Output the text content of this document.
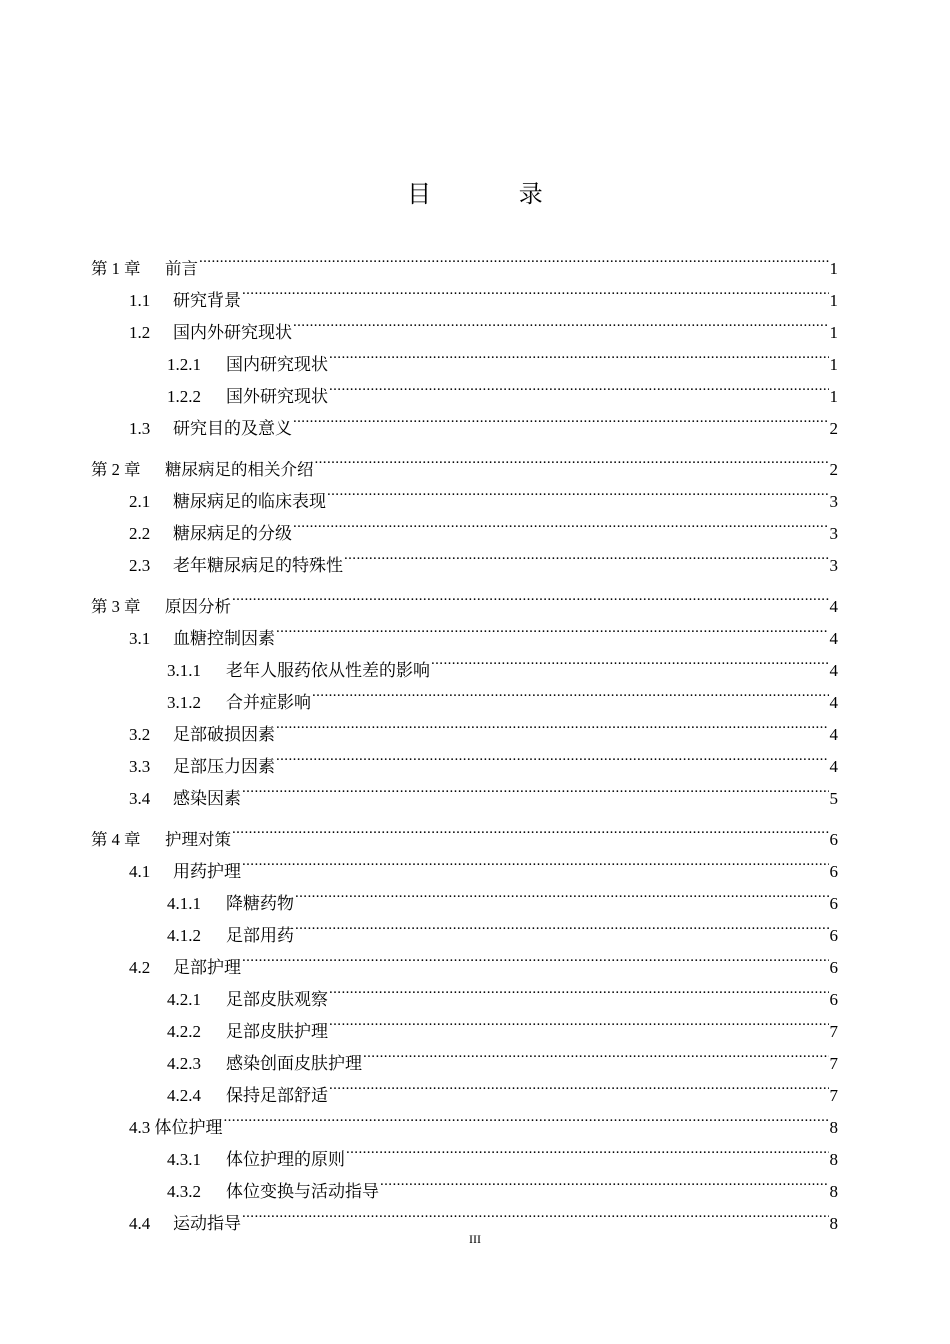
目 录
第 1 章	前言 .....	1
1.1	研究背景 .....	1
1.2	国内外研究现状 .....	1
1.2.1	国内研究现状 .....	1
1.2.2	国外研究现状 .....	1
1.3	研究目的及意义 .....	2
第 2 章	糖尿病足的相关介绍 .....	2
2.1	糖尿病足的临床表现 .....	3
2.2	糖尿病足的分级 .....	3
2.3	老年糖尿病足的特殊性 .....	3
第 3 章	原因分析 .....	4
3.1	血糖控制因素 .....	4
3.1.1	老年人服药依从性差的影响 .....	4
3.1.2	合并症影响 .....	4
3.2	足部破损因素 .....	4
3.3	足部压力因素 .....	4
3.4	感染因素 .....	5
第 4 章	护理对策 .....	6
4.1	用药护理 .....	6
4.1.1	降糖药物 .....	6
4.1.2	足部用药 .....	6
4.2	足部护理 .....	6
4.2.1	足部皮肤观察 .....	6
4.2.2	足部皮肤护理 .....	7
4.2.3	感染创面皮肤护理 .....	7
4.2.4	保持足部舒适 .....	7
4.3 体位护理 .....	8
4.3.1	体位护理的原则 .....	8
4.3.2	体位变换与活动指导 .....	8
4.4	运动指导 .....	8
III
